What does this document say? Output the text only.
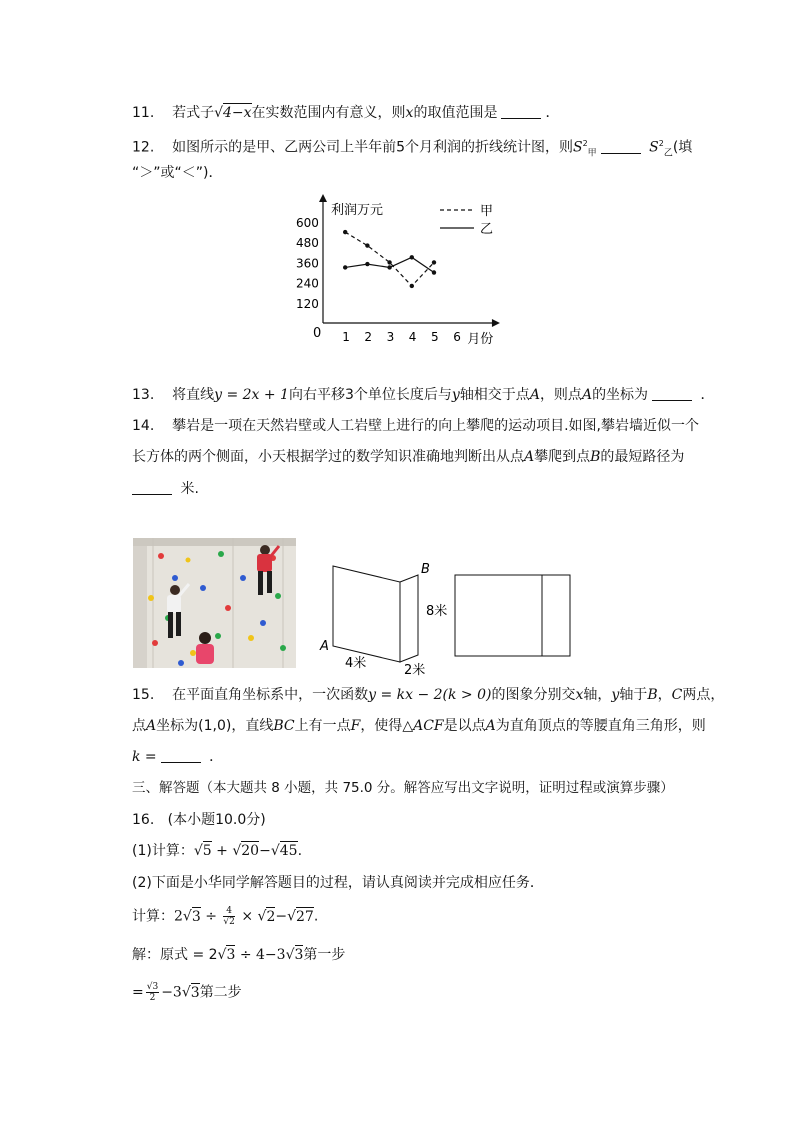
11. 若式子√4−x在实数范围内有意义，则x的取值范围是	．
12. 如图所示的是甲、乙两公司上半年前5个月利润的折线统计图，则$S^2_甲$	$S^2_乙$(填
“＞”或“＜”)．
0
120
240
360
480
600
1 2 3 4 5 6
利润万元
月份
甲
乙
13. 将直线y = 2x + 1向右平移3个单位长度后与y轴相交于点A，则点A的坐标为	．
14. 攀岩是一项在天然岩壁或人工岩壁上进行的向上攀爬的运动项目.如图,攀岩墙近似一个
长方体的两个侧面，小天根据学过的数学知识准确地判断出从点A攀爬到点B的最短路径为
米.
A
B
4米	2米
8米
15. 在平面直角坐标系中，一次函数y = kx − 2(k > 0)的图象分别交x轴，y轴于B，C两点，
点A坐标为(1,0)，直线BC上有一点F，使得△ACF是以点A为直角顶点的等腰直角三角形，则
k =	．
三、解答题（本大题共 8 小题，共 75.0 分。解答应写出文字说明，证明过程或演算步骤）
16. (本小题10.0分)
(1)计算：√5 + √20−√45.
(2)下面是小华同学解答题目的过程，请认真阅读并完成相应任务．
计算：$2√3 \div \frac{4}{√2} \times √2-√27$.
解：原式 = 2√3 ÷ 4−3√3第一步
= $\frac{√3}{2} -3√3$第二步
